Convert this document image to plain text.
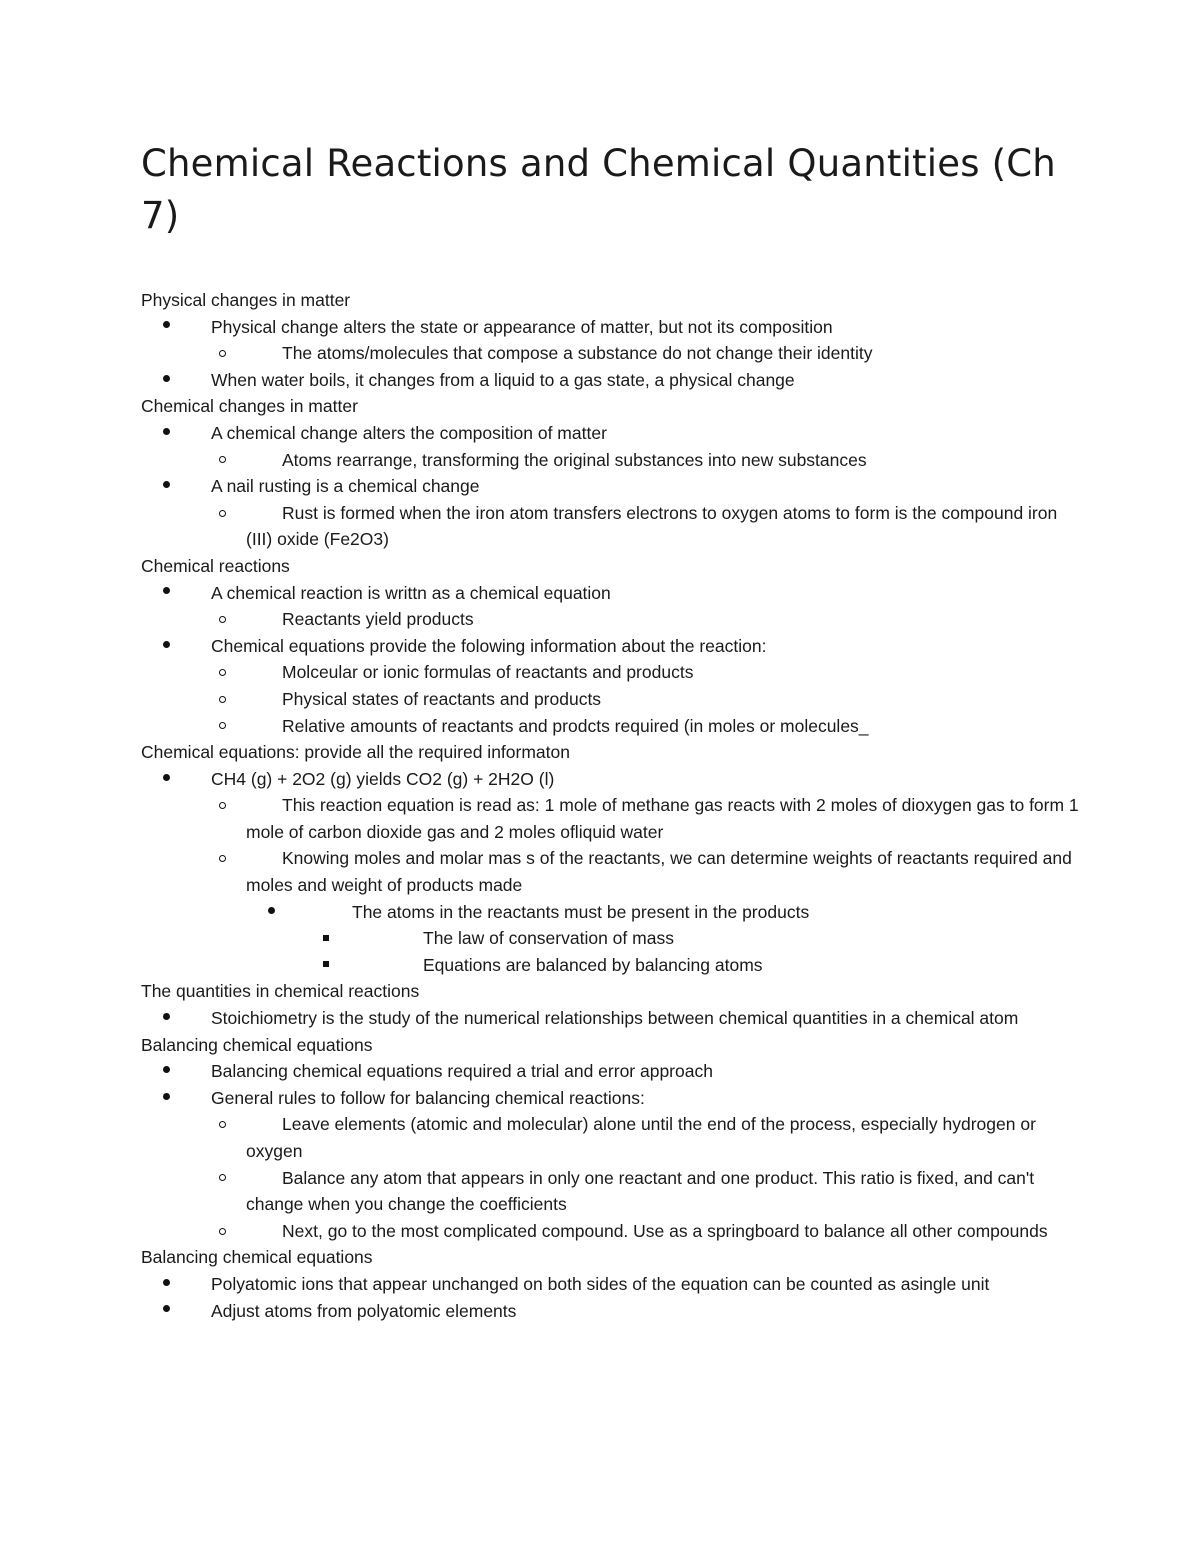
Chemical Reactions and Chemical Quantities (Ch 7)
Physical changes in matter
Physical change alters the state or appearance of matter, but not its composition
The atoms/molecules that compose a substance do not change their identity
When water boils, it changes from a liquid to a gas state, a physical change
Chemical changes in matter
A chemical change alters the composition of matter
Atoms rearrange, transforming the original substances into new substances
A nail rusting is a chemical change
Rust is formed when the iron atom transfers electrons to oxygen atoms to form is the compound iron (III) oxide (Fe2O3)
Chemical reactions
A chemical reaction is writtn as a chemical equation
Reactants yield products
Chemical equations provide the folowing information about the reaction:
Molceular or ionic formulas of reactants and products
Physical states of reactants and products
Relative amounts of reactants and prodcts required (in moles or molecules_
Chemical equations: provide all the required informaton
CH4 (g) + 2O2 (g) yields CO2 (g) + 2H2O (l)
This reaction equation is read as: 1 mole of methane gas reacts with 2 moles of dioxygen gas to form 1 mole of carbon dioxide gas and 2 moles ofliquid water
Knowing moles and molar mas s of the reactants, we can determine weights of reactants required and moles and weight of products made
The atoms in the reactants must be present in the products
The law of conservation of mass
Equations are balanced by balancing atoms
The quantities in chemical reactions
Stoichiometry is the study of the numerical relationships between chemical quantities in a chemical atom
Balancing chemical equations
Balancing chemical equations required a trial and error approach
General rules to follow for balancing chemical reactions:
Leave elements (atomic and molecular) alone until the end of the process, especially hydrogen or oxygen
Balance any atom that appears in only one reactant and one product. This ratio is fixed, and can't change when you change the coefficients
Next, go to the most complicated compound. Use as a springboard to balance all other compounds
Balancing chemical equations
Polyatomic ions that appear unchanged on both sides of the equation can be counted as asingle unit
Adjust atoms from polyatomic elements
